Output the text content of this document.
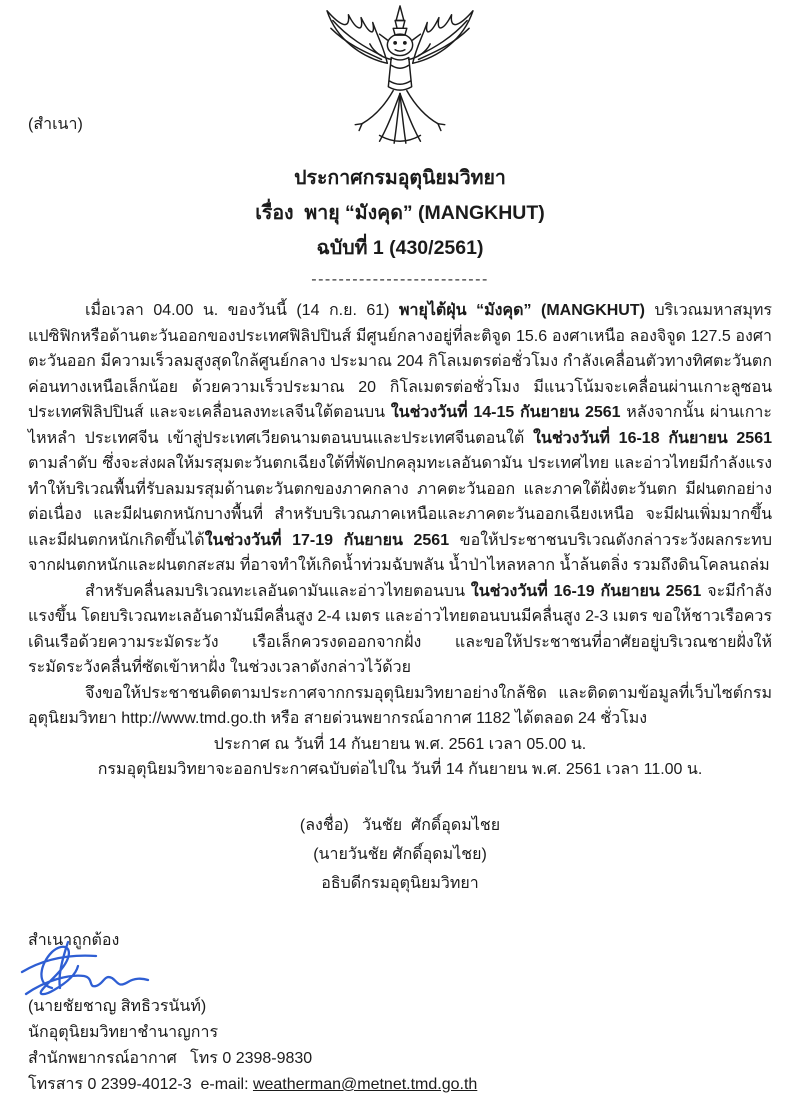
(สำเนา)
ประกาศกรมอุตุนิยมวิทยา
เรื่อง  พายุ “มังคุด” (MANGKHUT)
ฉบับที่ 1 (430/2561)
--------------------------

เมื่อเวลา 04.00 น. ของวันนี้ (14 ก.ย. 61) พายุไต้ฝุ่น “มังคุด” (MANGKHUT) บริเวณมหาสมุทรแปซิฟิกหรือด้านตะวันออกของประเทศฟิลิปปินส์ มีศูนย์กลางอยู่ที่ละติจูด 15.6 องศาเหนือ ลองจิจูด 127.5 องศาตะวันออก มีความเร็วลมสูงสุดใกล้ศูนย์กลาง ประมาณ 204 กิโลเมตรต่อชั่วโมง กำลังเคลื่อนตัวทางทิศตะวันตกค่อนทางเหนือเล็กน้อย ด้วยความเร็วประมาณ 20 กิโลเมตรต่อชั่วโมง มีแนวโน้มจะเคลื่อนผ่านเกาะลูซอน ประเทศฟิลิปปินส์ และจะเคลื่อนลงทะเลจีนใต้ตอนบน ในช่วงวันที่ 14-15 กันยายน 2561 หลังจากนั้น ผ่านเกาะไหหลำ ประเทศจีน เข้าสู่ประเทศเวียดนามตอนบนและประเทศจีนตอนใต้ ในช่วงวันที่ 16-18 กันยายน 2561 ตามลำดับ ซึ่งจะส่งผลให้มรสุมตะวันตกเฉียงใต้ที่พัดปกคลุมทะเลอันดามัน ประเทศไทย และอ่าวไทยมีกำลังแรง ทำให้บริเวณพื้นที่รับลมมรสุมด้านตะวันตกของภาคกลาง ภาคตะวันออก และภาคใต้ฝั่งตะวันตก มีฝนตกอย่างต่อเนื่อง และมีฝนตกหนักบางพื้นที่ สำหรับบริเวณภาคเหนือและภาคตะวันออกเฉียงเหนือ จะมีฝนเพิ่มมากขึ้นและมีฝนตกหนักเกิดขึ้นได้ในช่วงวันที่ 17-19 กันยายน 2561 ขอให้ประชาชนบริเวณดังกล่าวระวังผลกระทบจากฝนตกหนักและฝนตกสะสม ที่อาจทำให้เกิดน้ำท่วมฉับพลัน น้ำป่าไหลหลาก น้ำล้นตลิ่ง รวมถึงดินโคลนถล่ม

สำหรับคลื่นลมบริเวณทะเลอันดามันและอ่าวไทยตอนบน ในช่วงวันที่ 16-19 กันยายน 2561 จะมีกำลังแรงขึ้น โดยบริเวณทะเลอันดามันมีคลื่นสูง 2-4 เมตร และอ่าวไทยตอนบนมีคลื่นสูง 2-3 เมตร ขอให้ชาวเรือควรเดินเรือด้วยความระมัดระวัง เรือเล็กควรงดออกจากฝั่ง และขอให้ประชาชนที่อาศัยอยู่บริเวณชายฝั่งให้ระมัดระวังคลื่นที่ซัดเข้าหาฝั่ง ในช่วงเวลาดังกล่าวไว้ด้วย

จึงขอให้ประชาชนติดตามประกาศจากกรมอุตุนิยมวิทยาอย่างใกล้ชิด และติดตามข้อมูลที่เว็บไซต์กรมอุตุนิยมวิทยา http://www.tmd.go.th หรือ สายด่วนพยากรณ์อากาศ 1182 ได้ตลอด 24 ชั่วโมง

ประกาศ ณ วันที่ 14 กันยายน พ.ศ. 2561 เวลา 05.00 น.

กรมอุตุนิยมวิทยาจะออกประกาศฉบับต่อไปใน วันที่ 14 กันยายน พ.ศ. 2561 เวลา 11.00 น.

(ลงชื่อ)   วันชัย  ศักดิ์อุดมไชย
(นายวันชัย ศักดิ์อุดมไชย)
อธิบดีกรมอุตุนิยมวิทยา
สำเนาถูกต้อง
(นายชัยชาญ สิทธิวรนันท์)
นักอุตุนิยมวิทยาชำนาญการ
สำนักพยากรณ์อากาศ   โทร 0 2398-9830
โทรสาร 0 2399-4012-3  e-mail: weatherman@metnet.tmd.go.th
